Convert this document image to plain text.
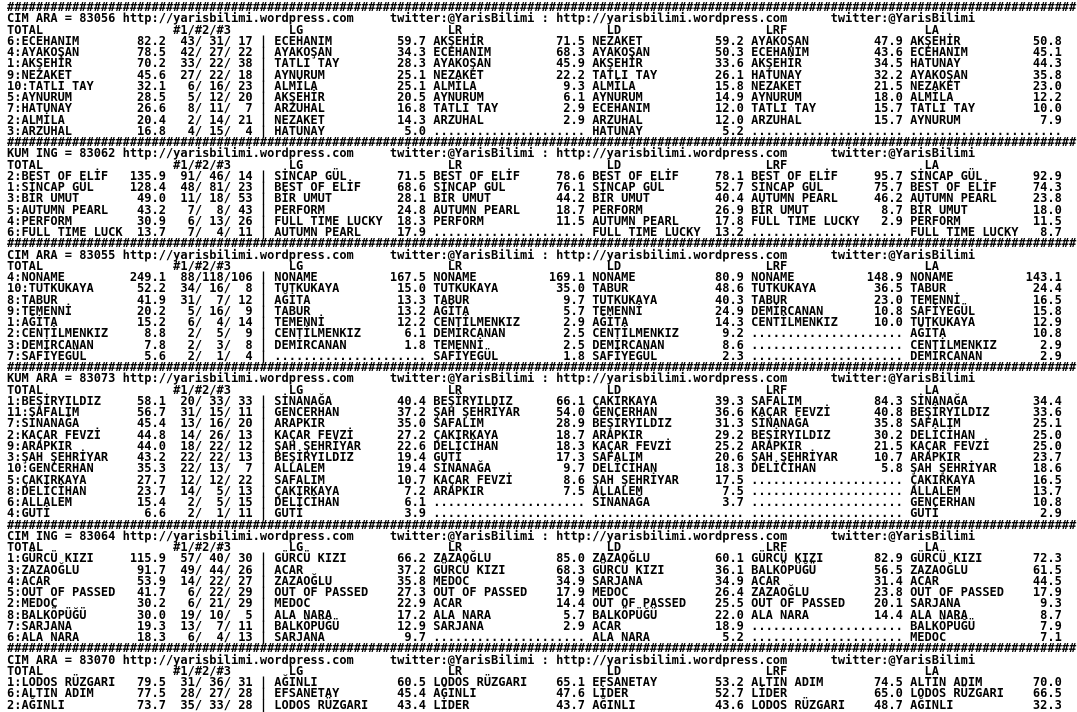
####################################################################################################################################################
CIM ARA = 83056 http://yarisbilimi.wordpress.com     twitter:@YarisBilimi : http://yarisbilimi.wordpress.com      twitter:@YarisBilimi
TOTAL                  #1/#2/#3        LG                    LR                    LD                    LRF                   LA
6:ECEHANIM        82.2  43/ 31/ 17 | ECEHANIM         59.7 AKŞEHİR          71.5 NEZAKET          59.2 AYAKOŞAN         47.9 AKŞEHİR          50.8
4:AYAKOŞAN        78.5  42/ 27/ 22 | AYAKOŞAN         34.3 ECEHANIM         68.3 AYAKOŞAN         50.3 ECEHANIM         43.6 ECEHANIM         45.1
1:AKŞEHİR         70.2  33/ 22/ 38 | TATLI TAY        28.3 AYAKOŞAN         45.9 AKŞEHİR          33.6 AKŞEHİR          34.5 HATUNAY          44.3
9:NEZAKET         45.6  27/ 22/ 18 | AYNURUM          25.1 NEZAKET          22.2 TATLI TAY        26.1 HATUNAY          32.2 AYAKOŞAN         35.8
10:TATLI TAY      32.1   6/ 16/ 23 | ALMİLA           25.1 ALMİLA            9.3 ALMİLA           15.8 NEZAKET          21.5 NEZAKET          23.0
5:AYNURUM         28.5   5/ 12/ 20 | AKŞEHİR          20.5 AYNURUM           6.1 AYNURUM          14.9 AYNURUM          18.0 ALMİLA           12.2
7:HATUNAY         26.6   8/ 11/  7 | ARZUHAL          16.8 TATLI TAY         2.9 ECEHANIM         12.0 TATLI TAY        15.7 TATLI TAY        10.0
2:ALMİLA          20.4   2/ 14/ 21 | NEZAKET          14.3 ARZUHAL           2.9 ARZUHAL          12.0 ARZUHAL          15.7 AYNURUM           7.9
3:ARZUHAL         16.8   4/ 15/  4 | HATUNAY           5.0 ..................... HATUNAY           5.2 ..................... .....................
####################################################################################################################################################
KUM ING = 83062 http://yarisbilimi.wordpress.com     twitter:@YarisBilimi : http://yarisbilimi.wordpress.com      twitter:@YarisBilimi
TOTAL                  #1/#2/#3        LG                    LR                    LD                    LRF                   LA
2:BEST OF ELİF   135.9  91/ 46/ 14 | SİNCAP GÜL       71.5 BEST OF ELİF     78.6 BEST OF ELİF     78.1 BEST OF ELİF     95.7 SİNCAP GÜL       92.9
1:SİNCAP GÜL     128.4  48/ 81/ 23 | BEST OF ELİF     68.6 SİNCAP GÜL       76.1 SİNCAP GÜL       52.7 SİNCAP GÜL       75.7 BEST OF ELİF     74.3
3:BİR UMUT        49.0  11/ 18/ 53 | BİR UMUT         28.1 BİR UMUT         44.2 BİR UMUT         40.4 AUTUMN PEARL     46.2 AUTUMN PEARL     23.8
5:AUTUMN PEARL    43.2   7/  8/ 43 | PERFORM          24.8 AUTUMN PEARL     18.7 PERFORM          26.9 BİR UMUT          8.7 BİR UMUT         18.0
4:PERFORM         30.9   6/ 13/ 26 | FULL TIME LUCKY  18.3 PERFORM          11.5 AUTUMN PEARL     17.8 FULL TIME LUCKY   2.9 PERFORM          11.5
6:FULL TIME LUCK  13.7   7/  4/ 11 | AUTUMN PEARL     17.9 ..................... FULL TIME LUCKY  13.2 ..................... FULL TIME LUCKY   8.7
####################################################################################################################################################
CIM ARA = 83055 http://yarisbilimi.wordpress.com     twitter:@YarisBilimi : http://yarisbilimi.wordpress.com      twitter:@YarisBilimi
TOTAL                  #1/#2/#3        LG                    LR                    LD                    LRF                   LA
4:NONAME         249.1  88/118/106 | NONAME          167.5 NONAME          169.1 NONAME           80.9 NONAME          148.9 NONAME          143.1
10:TUTKUKAYA      52.2  34/ 16/  8 | TUTKUKAYA        15.0 TUTKUKAYA        35.0 TABUR            48.6 TUTKUKAYA        36.5 TABUR            24.4
8:TABUR           41.9  31/  7/ 12 | AĞİTA            13.3 TABUR             9.7 TUTKUKAYA        40.3 TABUR            23.0 TEMENNİ          16.5
9:TEMENNİ         20.2   5/ 16/  9 | TABUR            13.2 AĞİTA             5.7 TEMENNİ          24.9 DEMİRCANAN       10.8 SAFİYEGÜL        15.8
1:AĞİTA           15.2   6/  4/ 14 | TEMENNİ          12.2 CENTİLMENKIZ      2.9 AĞİTA            14.3 CENTİLMENKIZ     10.0 TUTKUKAYA        12.9
2:CENTİLMENKIZ     8.8   2/  5/  9 | CENTİLMENKIZ      6.1 DEMİRCANAN        2.5 CENTİLMENKIZ      9.2 ..................... AĞİTA            10.8
3:DEMİRCANAN       7.8   2/  3/  8 | DEMİRCANAN        1.8 TEMENNİ           2.5 DEMİRCANAN        8.6 ..................... CENTİLMENKIZ      2.9
7:SAFİYEGÜL        5.6   2/  1/  4 | ..................... SAFİYEGÜL         1.8 SAFİYEGÜL         2.3 ..................... DEMİRCANAN        2.9
####################################################################################################################################################
KUM ARA = 83073 http://yarisbilimi.wordpress.com     twitter:@YarisBilimi : http://yarisbilimi.wordpress.com      twitter:@YarisBilimi
TOTAL                  #1/#2/#3        LG                    LR                    LD                    LRF                   LA
1:BEŞİRYILDIZ     58.1  20/ 33/ 33 | SİNANAĞA         40.4 BEŞİRYILDIZ      66.1 ÇAKIRKAYA        39.3 SAFALIM          84.3 SİNANAĞA         34.4
11:SAFALIM        56.7  31/ 15/ 11 | GENCERHAN        37.2 ŞAH ŞEHRİYAR     54.0 GENCERHAN        36.6 KAÇAR FEVZİ      40.8 BEŞİRYILDIZ      33.6
7:SİNANAĞA        45.4  13/ 16/ 20 | ARAPKIR          35.0 SAFALIM          28.9 BEŞİRYILDIZ      31.3 SİNANAĞA         35.8 SAFALIM          25.1
2:KAÇAR FEVZİ     44.8  14/ 26/ 13 | KAÇAR FEVZİ      27.2 ÇAKIRKAYA        18.7 ARAPKIR          29.2 BEŞİRYILDIZ      30.2 DELİCİHAN        25.0
9:ARAPKIR         44.0  18/ 22/ 12 | ŞAH ŞEHRİYAR     22.6 DELİCİHAN        18.3 KAÇAR FEVZİ      25.2 ARAPKIR          21.5 KAÇAR FEVZİ      25.0
3:ŞAH ŞEHRİYAR    43.2  22/ 22/ 13 | BEŞİRYILDIZ      19.4 GUTİ             17.3 SAFALIM          20.6 ŞAH ŞEHRİYAR     10.7 ARAPKIR          23.7
10:GENCERHAN      35.3  22/ 13/  7 | ALLALEM          19.4 SİNANAĞA          9.7 DELİCİHAN        18.3 DELİCİHAN         5.8 ŞAH ŞEHRİYAR     18.6
5:ÇAKIRKAYA       27.7  12/ 12/ 22 | SAFALIM          10.7 KAÇAR FEVZİ       8.6 ŞAH ŞEHRİYAR     17.5 ..................... ÇAKIRKAYA        16.5
8:DELİCİHAN       23.7  14/  5/ 13 | ÇAKIRKAYA         7.2 ARAPKIR           7.5 ALLALEM           7.5 ..................... ALLALEM          13.7
6:ALLALEM         15.4   2/  5/ 15 | DELİCİHAN         6.1 ..................... SİNANAĞA          3.7 ..................... GENCERHAN        10.8
4:GUTİ             6.6   2/  1/ 11 | GUTİ              3.9 ..................... ..................... ..................... GUTİ              2.9
####################################################################################################################################################
CIM ING = 83064 http://yarisbilimi.wordpress.com     twitter:@YarisBilimi : http://yarisbilimi.wordpress.com      twitter:@YarisBilimi
TOTAL                  #1/#2/#3        LG                    LR                    LD                    LRF                   LA
1:GÜRCÜ KIZI     115.9  57/ 40/ 30 | GÜRCÜ KIZI       66.2 ZAZAOĞLU         85.0 ZAZAOĞLU         60.1 GÜRCÜ KIZI       82.9 GÜRCÜ KIZI       72.3
3:ZAZAOĞLU        91.7  49/ 44/ 26 | ACAR             37.2 GÜRCÜ KIZI       68.3 GÜRCÜ KIZI       36.1 BALKÖPÜĞÜ        56.5 ZAZAOĞLU         61.5
4:ACAR            53.9  14/ 22/ 27 | ZAZAOĞLU         35.8 MEDOC            34.9 SARJANA          34.9 ACAR             31.4 ACAR             44.5
5:OUT OF PASSED   41.7   6/ 22/ 29 | OUT OF PASSED    27.3 OUT OF PASSED    17.9 MEDOC            26.4 ZAZAOĞLU         23.8 OUT OF PASSED    17.9
2:MEDOC           30.2   6/ 21/ 29 | MEDOC            22.9 ACAR             14.4 OUT OF PASSED    25.5 OUT OF PASSED    20.1 SARJANA           9.3
8:BALKÖPÜĞÜ       30.0  19/ 10/  5 | ALA NARA         17.2 ALA NARA          5.7 BALKÖPÜĞÜ        22.0 ALA NARA         14.4 ALA NARA          8.7
7:SARJANA         19.3  13/  7/ 11 | BALKÖPÜĞÜ        12.9 SARJANA           2.9 ACAR             18.9 ..................... BALKÖPÜĞÜ         7.9
6:ALA NARA        18.3   6/  4/ 13 | SARJANA           9.7 ..................... ALA NARA          5.2 ..................... MEDOC             7.1
####################################################################################################################################################
CIM ARA = 83070 http://yarisbilimi.wordpress.com     twitter:@YarisBilimi : http://yarisbilimi.wordpress.com      twitter:@YarisBilimi
TOTAL                  #1/#2/#3        LG                    LR                    LD                    LRF                   LA
1:LODOS RÜZGARI   79.5  31/ 36/ 31 | AĞINLI           60.5 LODOS RÜZGARI    65.1 EFSANETAY        53.2 ALTIN ADIM       74.5 ALTIN ADIM       70.0
6:ALTIN ADIM      77.5  28/ 27/ 28 | EFSANETAY        45.4 AĞINLI           47.6 LİDER            52.7 LİDER            65.0 LODOS RÜZGARI    66.5
2:AĞINLI          73.7  35/ 33/ 28 | LODOS RÜZGARI    43.4 LİDER            43.7 AĞINLI           43.6 LODOS RÜZGARI    48.7 AĞINLI           32.3
